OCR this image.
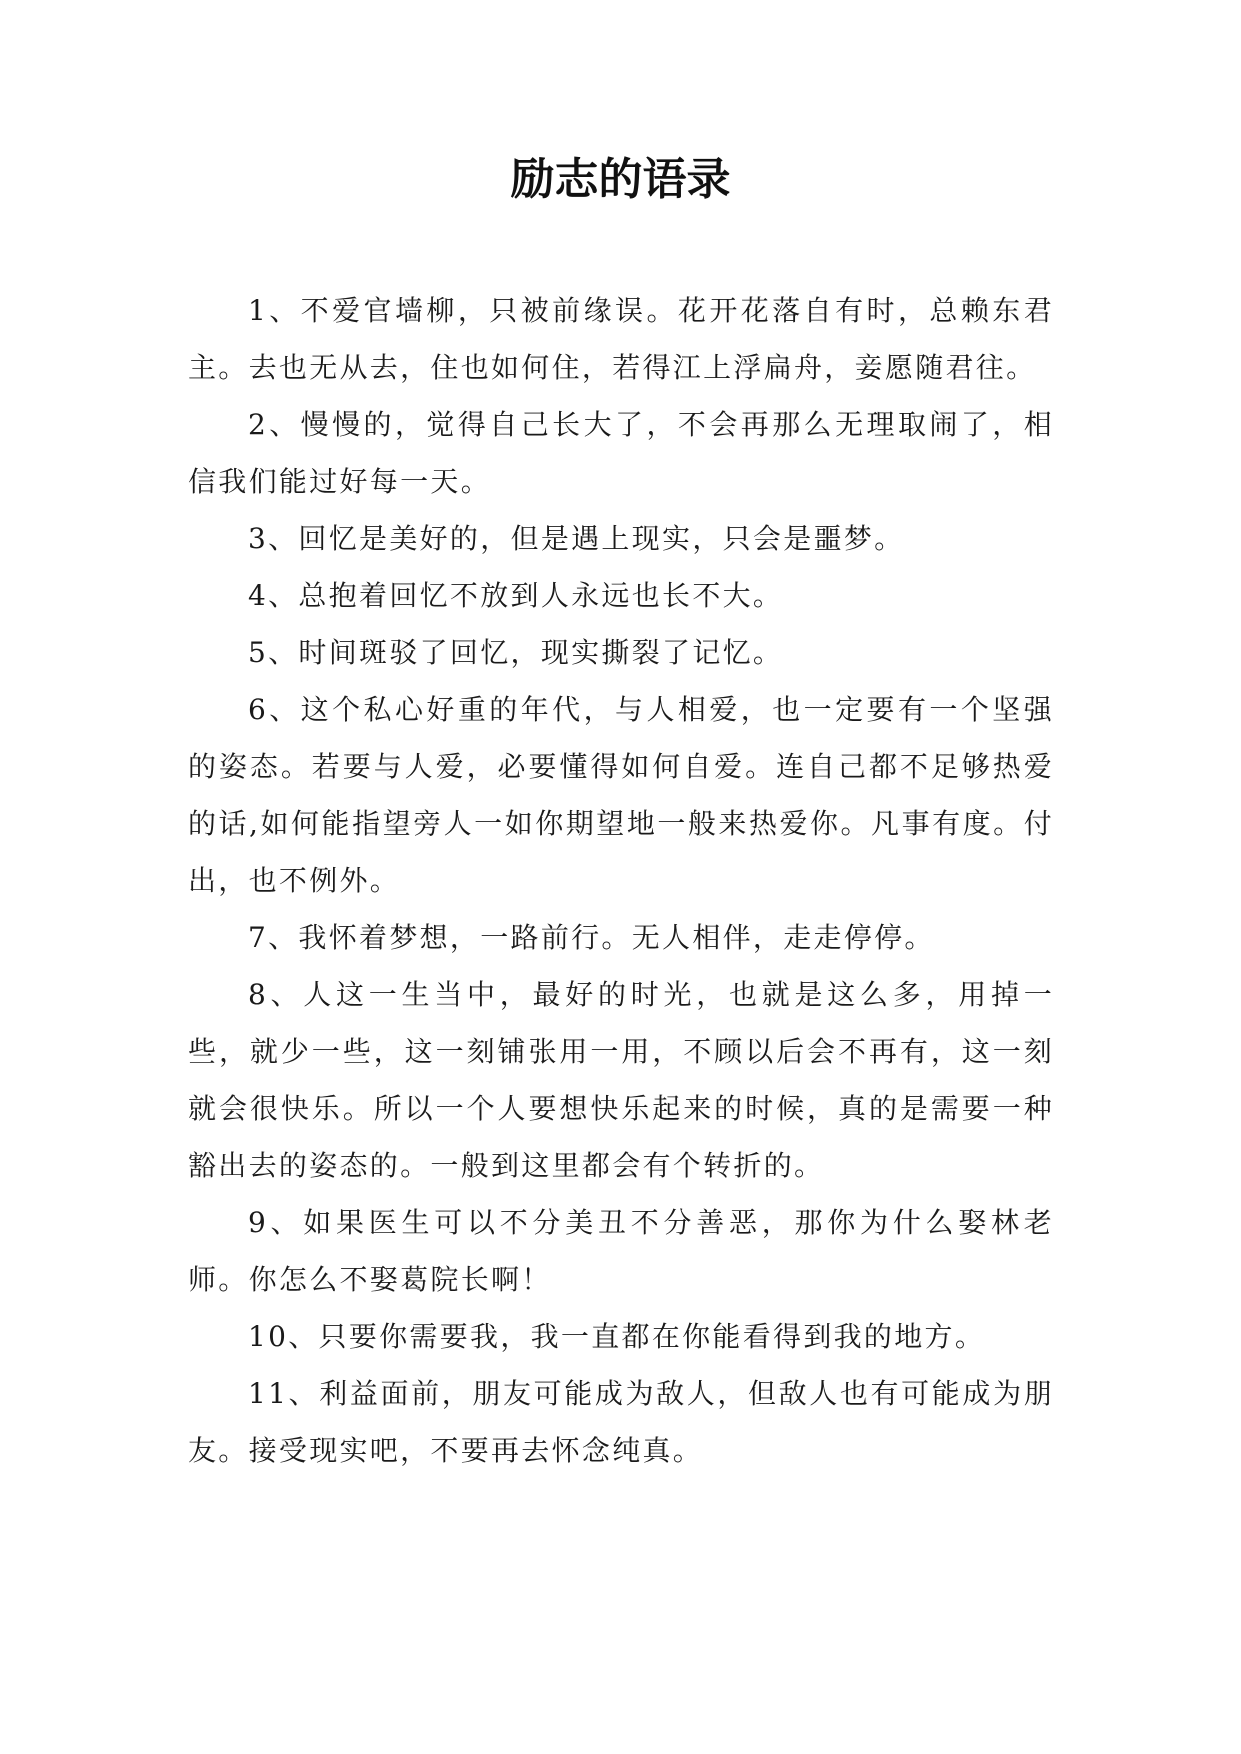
励志的语录

1、不爱官墙柳，只被前缘误。花开花落自有时，总赖东君主。去也无从去，住也如何住，若得江上浮扁舟，妾愿随君往。

2、慢慢的，觉得自己长大了，不会再那么无理取闹了，相信我们能过好每一天。

3、回忆是美好的，但是遇上现实，只会是噩梦。

4、总抱着回忆不放到人永远也长不大。

5、时间斑驳了回忆，现实撕裂了记忆。

6、这个私心好重的年代，与人相爱，也一定要有一个坚强的姿态。若要与人爱，必要懂得如何自爱。连自己都不足够热爱的话,如何能指望旁人一如你期望地一般来热爱你。凡事有度。付出，也不例外。

7、我怀着梦想，一路前行。无人相伴，走走停停。

8、人这一生当中，最好的时光，也就是这么多，用掉一些，就少一些，这一刻铺张用一用，不顾以后会不再有，这一刻就会很快乐。所以一个人要想快乐起来的时候，真的是需要一种豁出去的姿态的。一般到这里都会有个转折的。

9、如果医生可以不分美丑不分善恶，那你为什么娶林老师。你怎么不娶葛院长啊！

10、只要你需要我，我一直都在你能看得到我的地方。

11、利益面前，朋友可能成为敌人，但敌人也有可能成为朋友。接受现实吧，不要再去怀念纯真。
